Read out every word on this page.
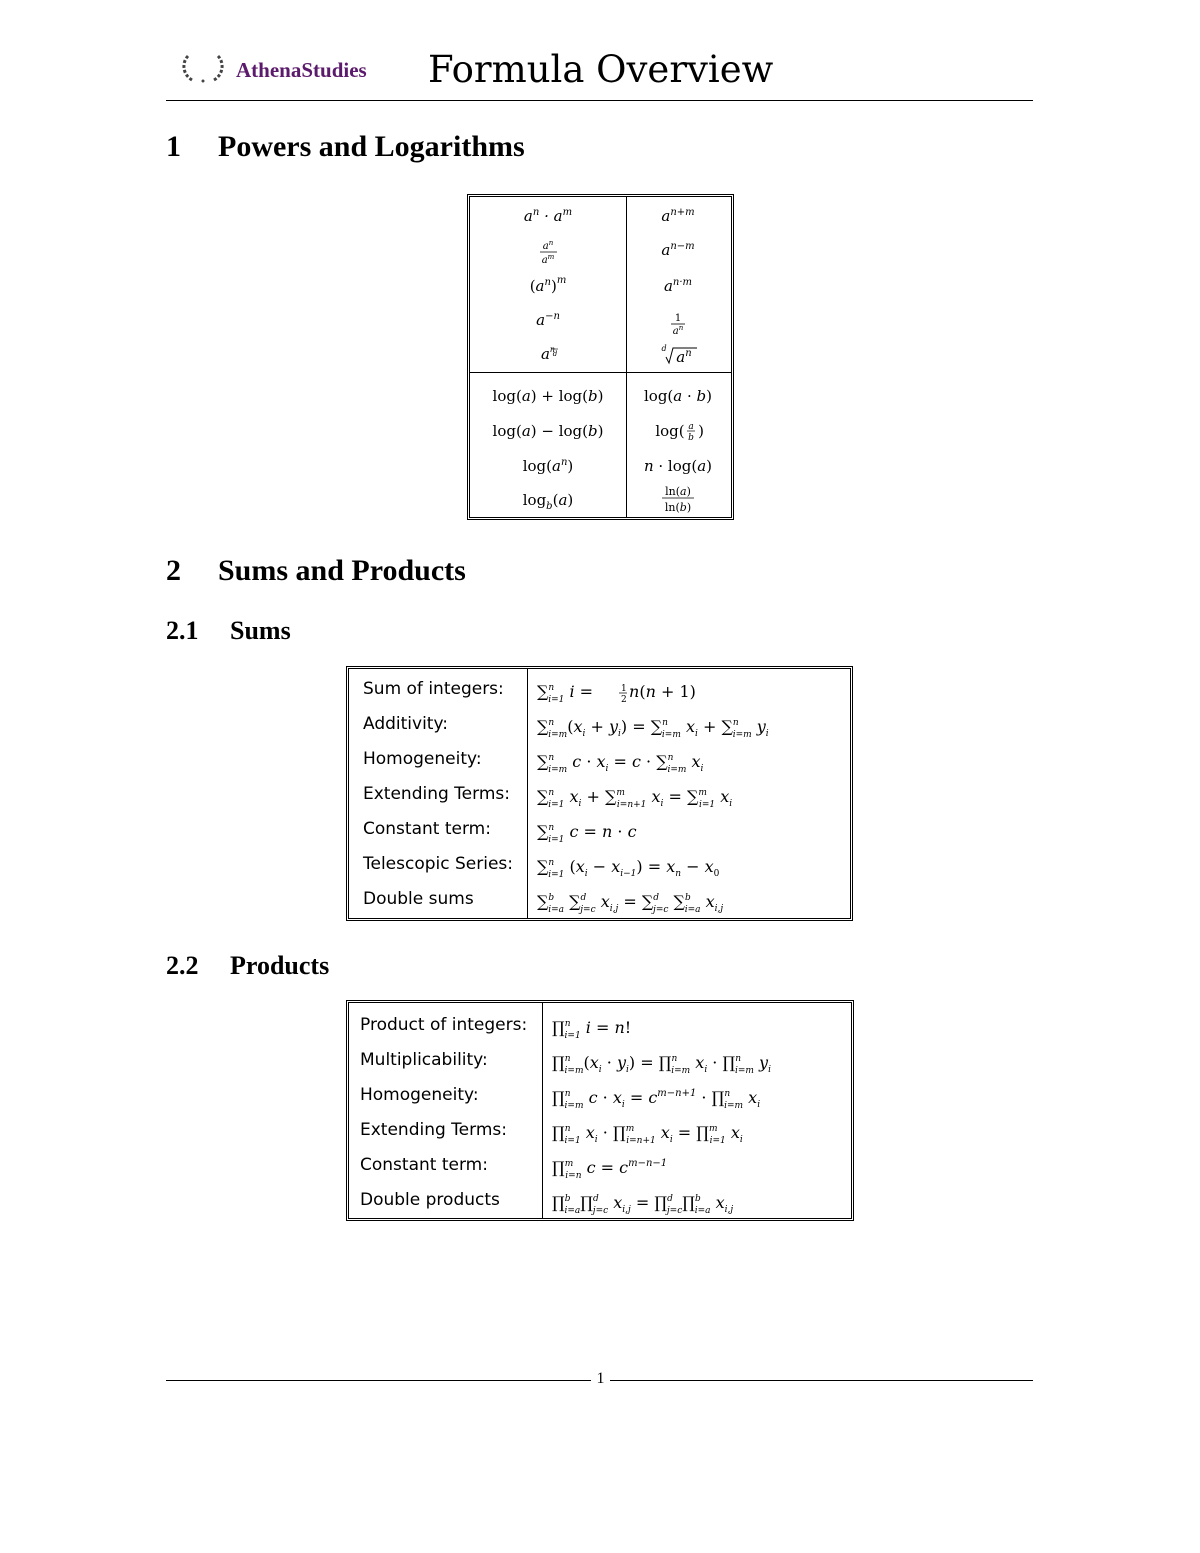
AthenaStudies Formula Overview
1 Powers and Logarithms
$a^n \cdot a^m$
$a^n$
$a^m$
$(a^n)^m$
$a^{-n}$
$a^n$
d
$a^{n+m}$
$a^{n-m}$
$a^{n\cdot m}$
1
$a^n$
d $a^n$
log(a) + log(b)
log(a) − log(b)
$\log(a^n)$
$\log_b(a)$
log(a · b)
log( a
b )
n · log(a)
ln(a)
ln(b)
2 Sums and Products
2.1 Sums
Sum of integers:
Additivity:
Homogeneity:
Extending Terms:
Constant term:
Telescopic Series:
Double sums
∑$^n$ i=1 i =	1
2 n(n + 1)
∑$^n$ $i=m(x_i + y_i) = \sum^n$ i=m $x_i + \sum^n$ i=m $y_i$
∑$^n$ i=m $c \cdot x_i = c \cdot \sum^n$ i=m $x_i$
∑$^n$ i=1 $x_i + \sum^m$ i=n+1 $x_i = \sum^m$ i=1 $x_i$
∑$^n$ i=1 c = n · c
∑$^n$ i=1 $(x_i - x_{i-1}) = x_n - x_0$
∑$^b$ i=a ∑$^d$ j=c $x_{i,j} = \sum^d$ j=c ∑$^b$ i=a $x_{i,j}$
2.2 Products
Product of integers:
Multiplicability:
Homogeneity:
Extending Terms:
Constant term:
Double products
∏$^n$ i=1 i = n!
∏$^n$ $i=m(x_i \cdot y_i)$ = ∏$^n$ i=m $x_i$ · ∏$^n$ i=m $y_i$
∏$^n$ i=m $c \cdot x_i = c^{m-n+1}$ · ∏$^n$ i=m $x_i$
∏$^n$ i=1 $x_i$ · ∏$^m$ i=n+1 $x_i$ = ∏$^m$ i=1 $x_i$
∏$^m$ i=n $c = c^{m-n-1}$
∏$^b$ i=a∏$^d$ j=c $x_{i,j}$ = ∏$^d$ j=c∏$^b$ i=a $x_{i,j}$
1
